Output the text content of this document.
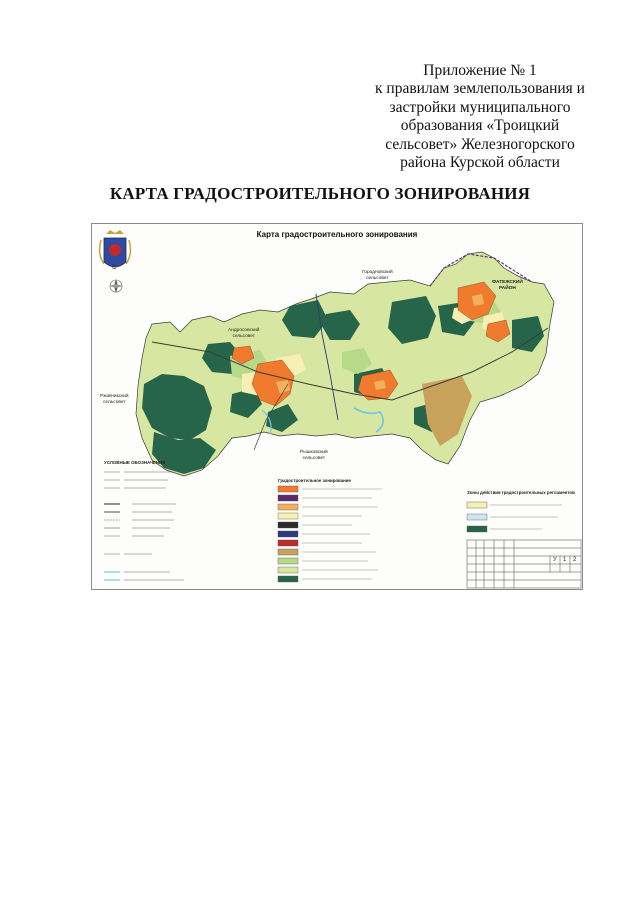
Приложение № 1
к правилам землепользования и
застройки муниципального
образования «Троицкий
сельсовет» Железногорского
района Курской области
КАРТА ГРАДОСТРОИТЕЛЬНОГО ЗОНИРОВАНИЯ
Карта градостроительного зонирования
С
Городновский
сельсовет
Андросовский
сельсовет
ФАТЕЖСКИЙ
РАЙОН
Ржавчикский
сельсовет
Рышковский
сельсовет
УСЛОВНЫЕ ОБОЗНАЧЕНИЯ
Градостроительное зонирование
Зоны действия градостроительных регламентов
У 1 2
